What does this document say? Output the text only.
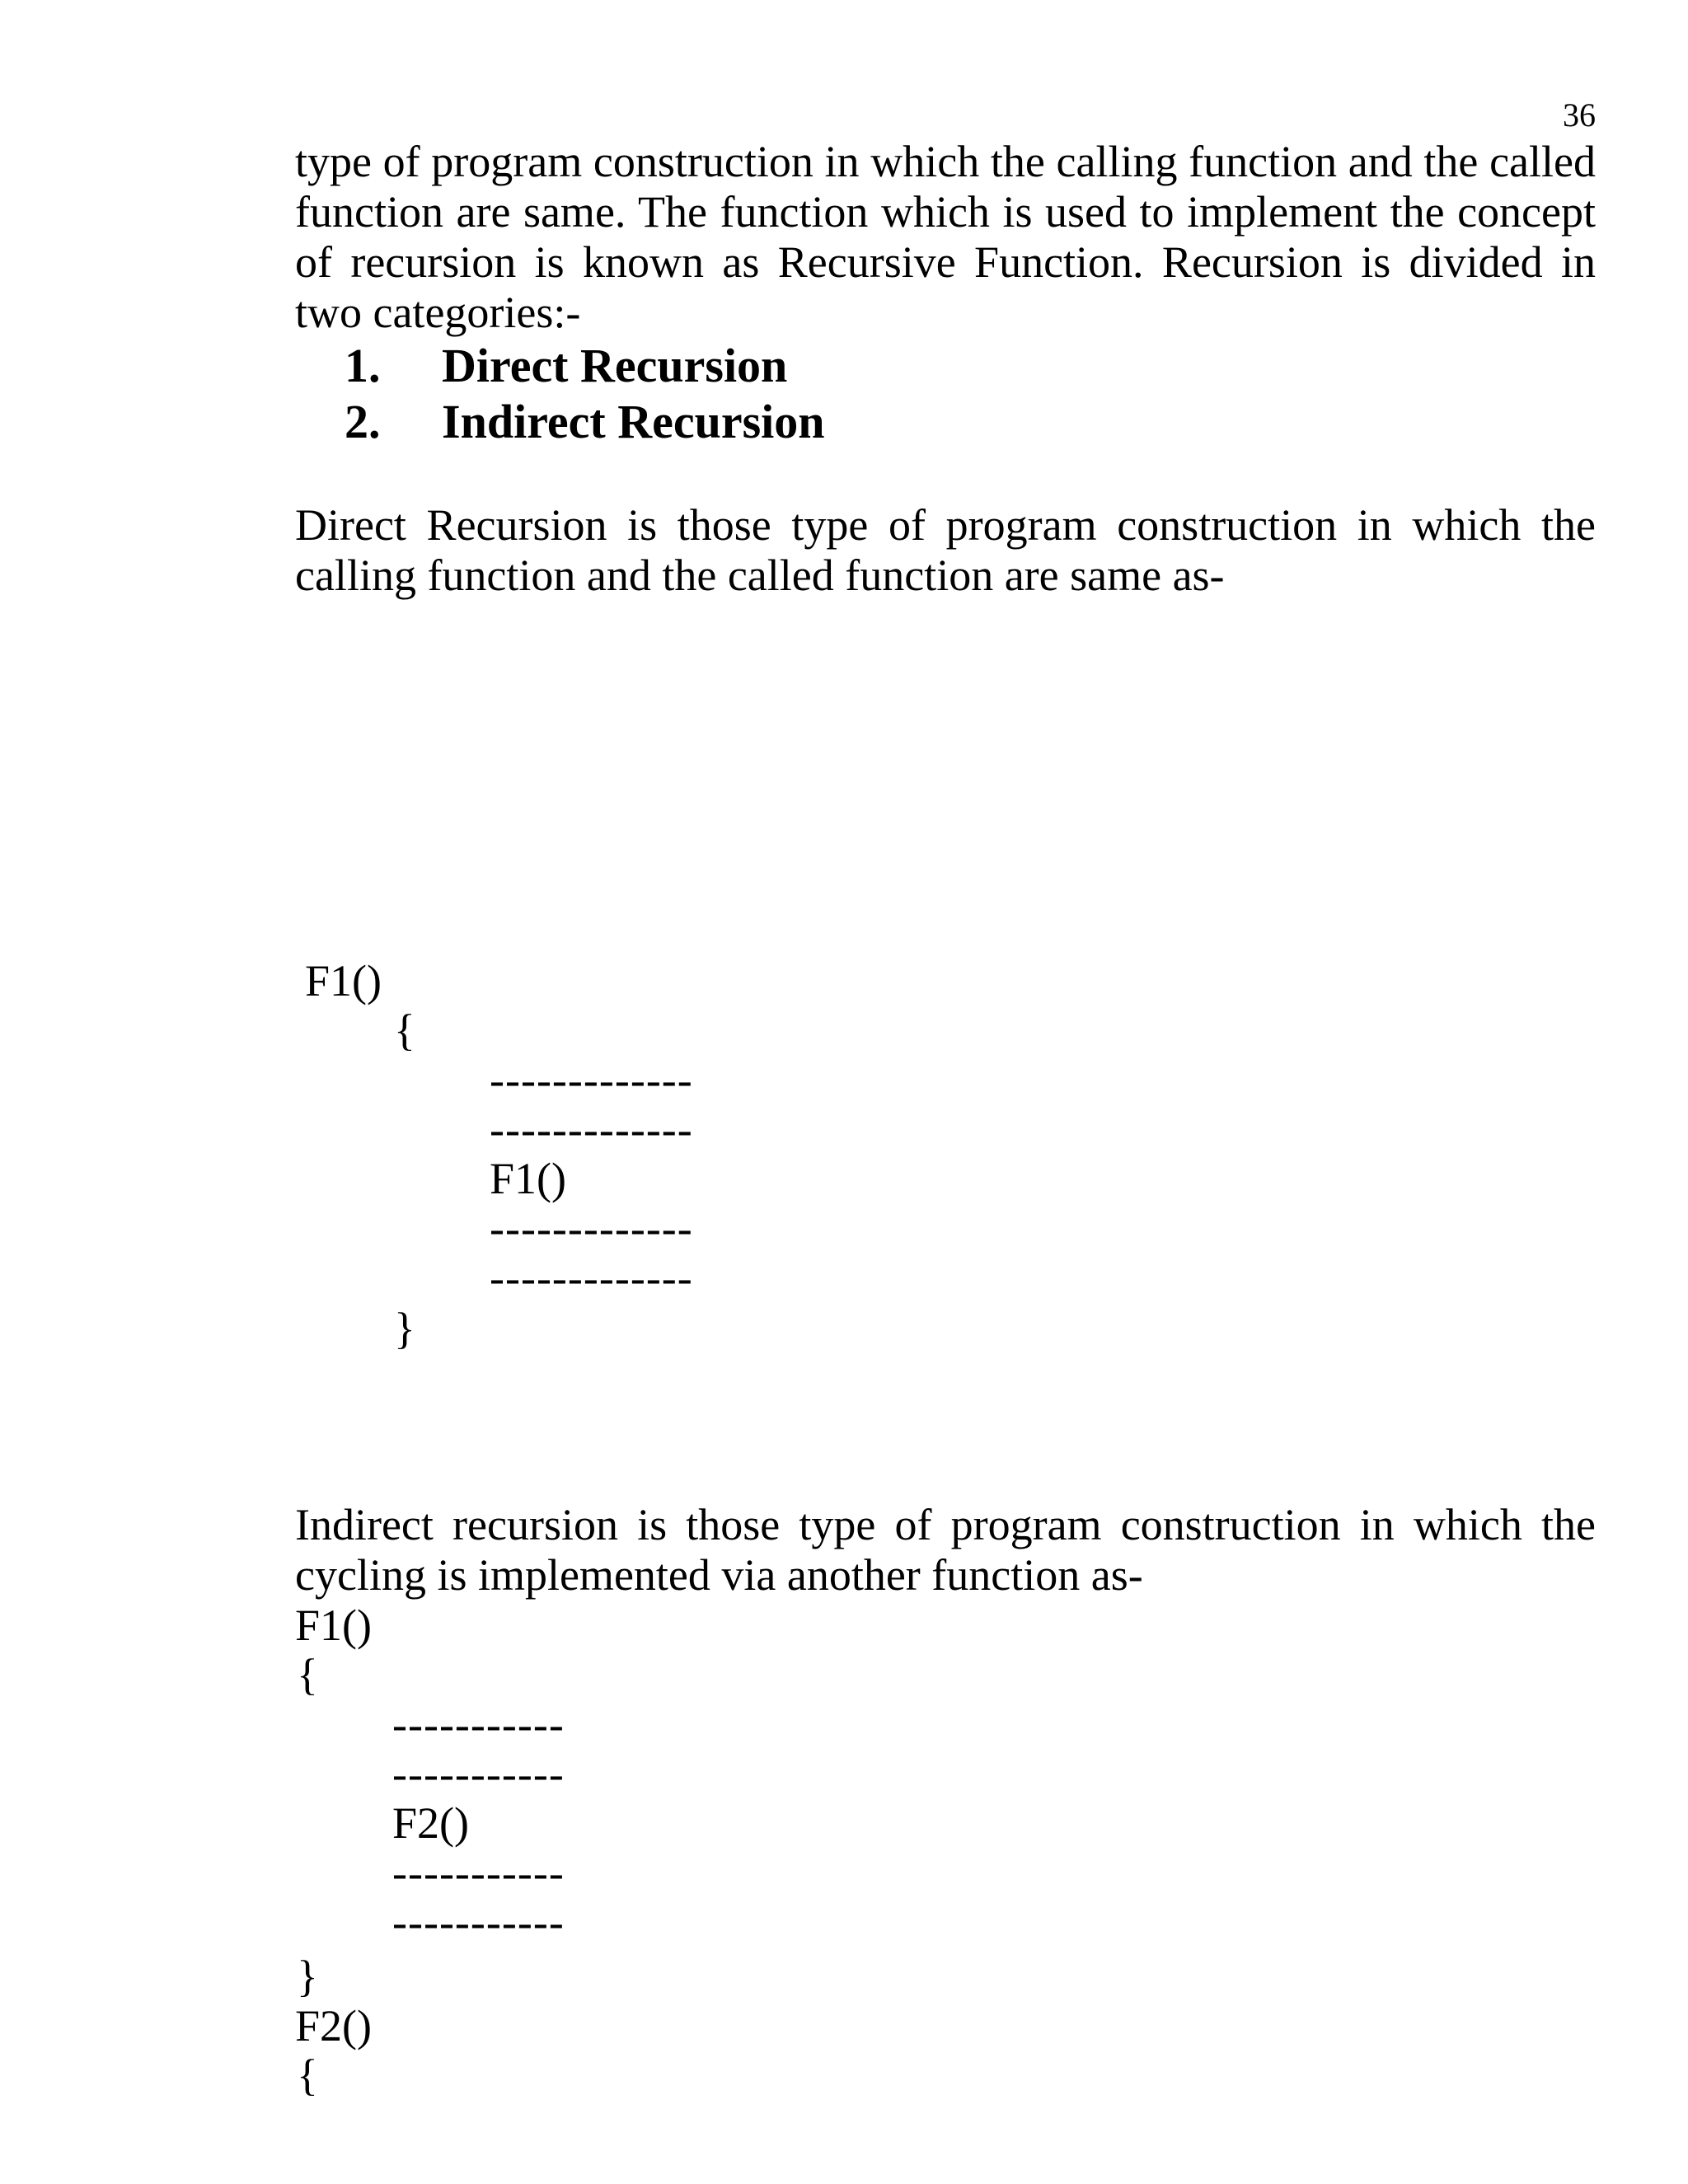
36

type of program construction in which the calling function and the called function are same. The function which is used to implement the concept of recursion is known as Recursive Function. Recursion is divided in two categories:-

1. Direct Recursion
2. Indirect Recursion

Direct Recursion is those type of program construction in which the calling function and the called function are same as-

F1()
{
-------------
-------------
F1()
-------------
-------------
}

Indirect recursion is those type of program construction in which the cycling is implemented via another function as-

F1()
{
-----------
-----------
F2()
-----------
-----------
}
F2()
{
